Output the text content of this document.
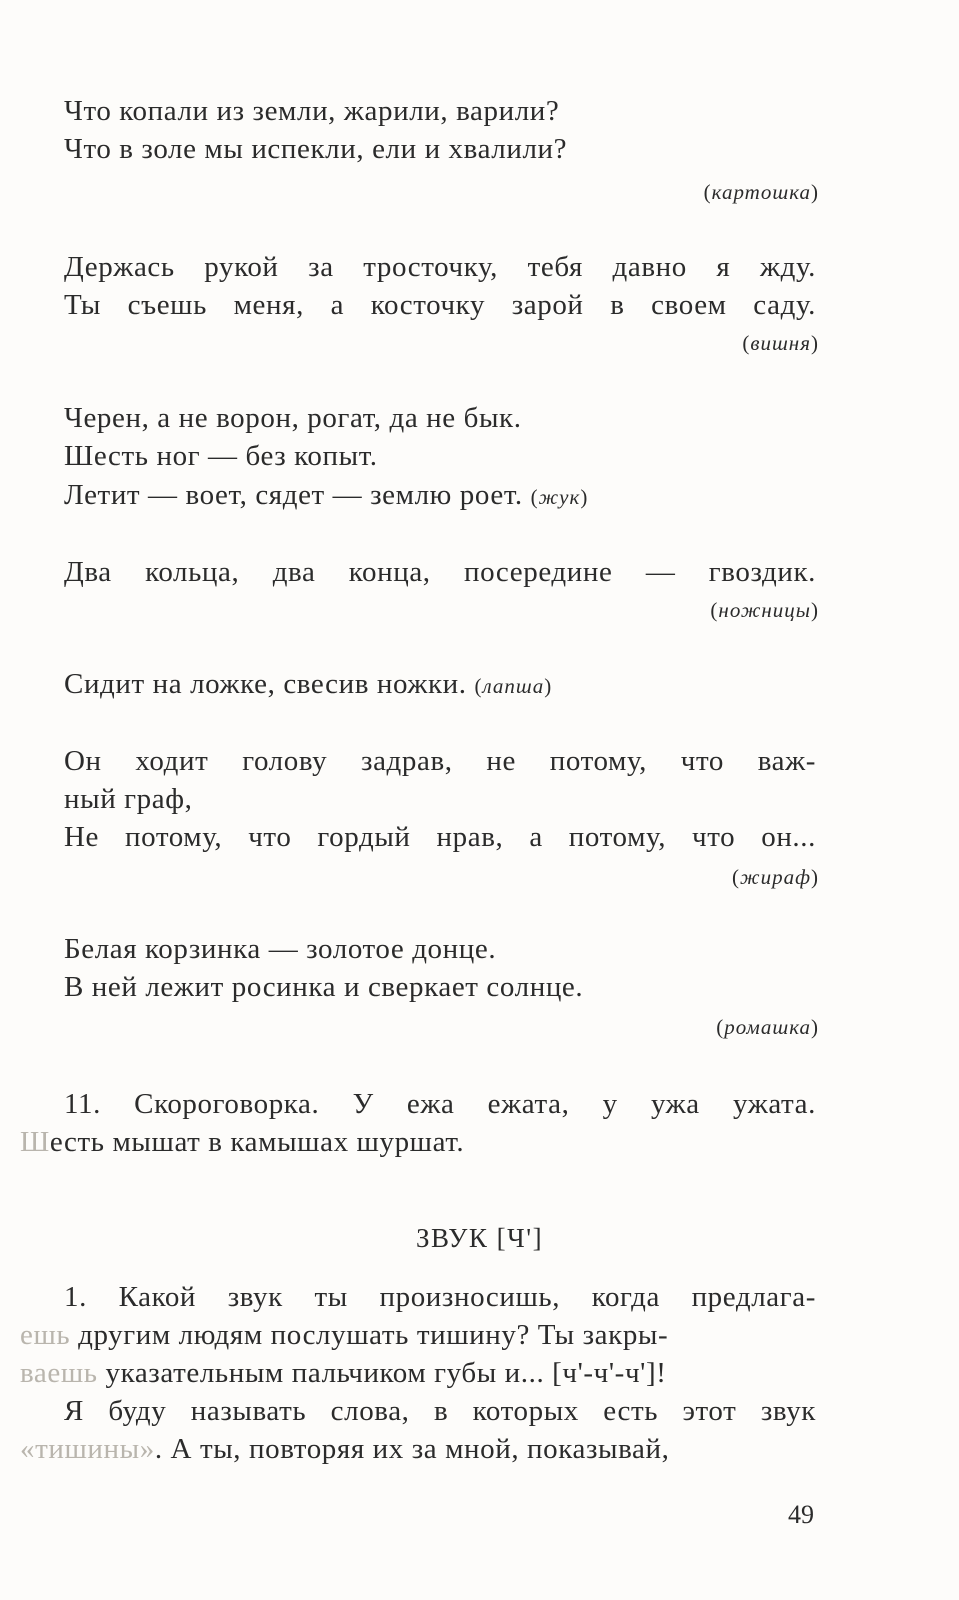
Что копали из земли, жарили, варили?
Что в золе мы испекли, ели и хвалили?
(картошка)
Держась рукой за тросточку, тебя давно я жду.
Ты съешь меня, а косточку зарой в своем саду.
(вишня)
Черен, а не ворон, рогат, да не бык.
Шесть ног — без копыт.
Летит — воет, сядет — землю роет. (жук)
Два кольца, два конца, посередине — гвоздик.
(ножницы)
Сидит на ложке, свесив ножки. (лапша)
Он ходит голову задрав, не потому, что важ-
ный граф,
Не потому, что гордый нрав, а потому, что он...
(жираф)
Белая корзинка — золотое донце.
В ней лежит росинка и сверкает солнце.
(ромашка)
11. Скороговорка. У ежа ежата, у ужа ужата.
Шесть мышат в камышах шуршат.
ЗВУК [Ч']
1. Какой звук ты произносишь, когда предлага-
ешь другим людям послушать тишину? Ты закры-
ваешь указательным пальчиком губы и... [ч'-ч'-ч']!
Я буду называть слова, в которых есть этот звук
«тишины». А ты, повторяя их за мной, показывай,
49
